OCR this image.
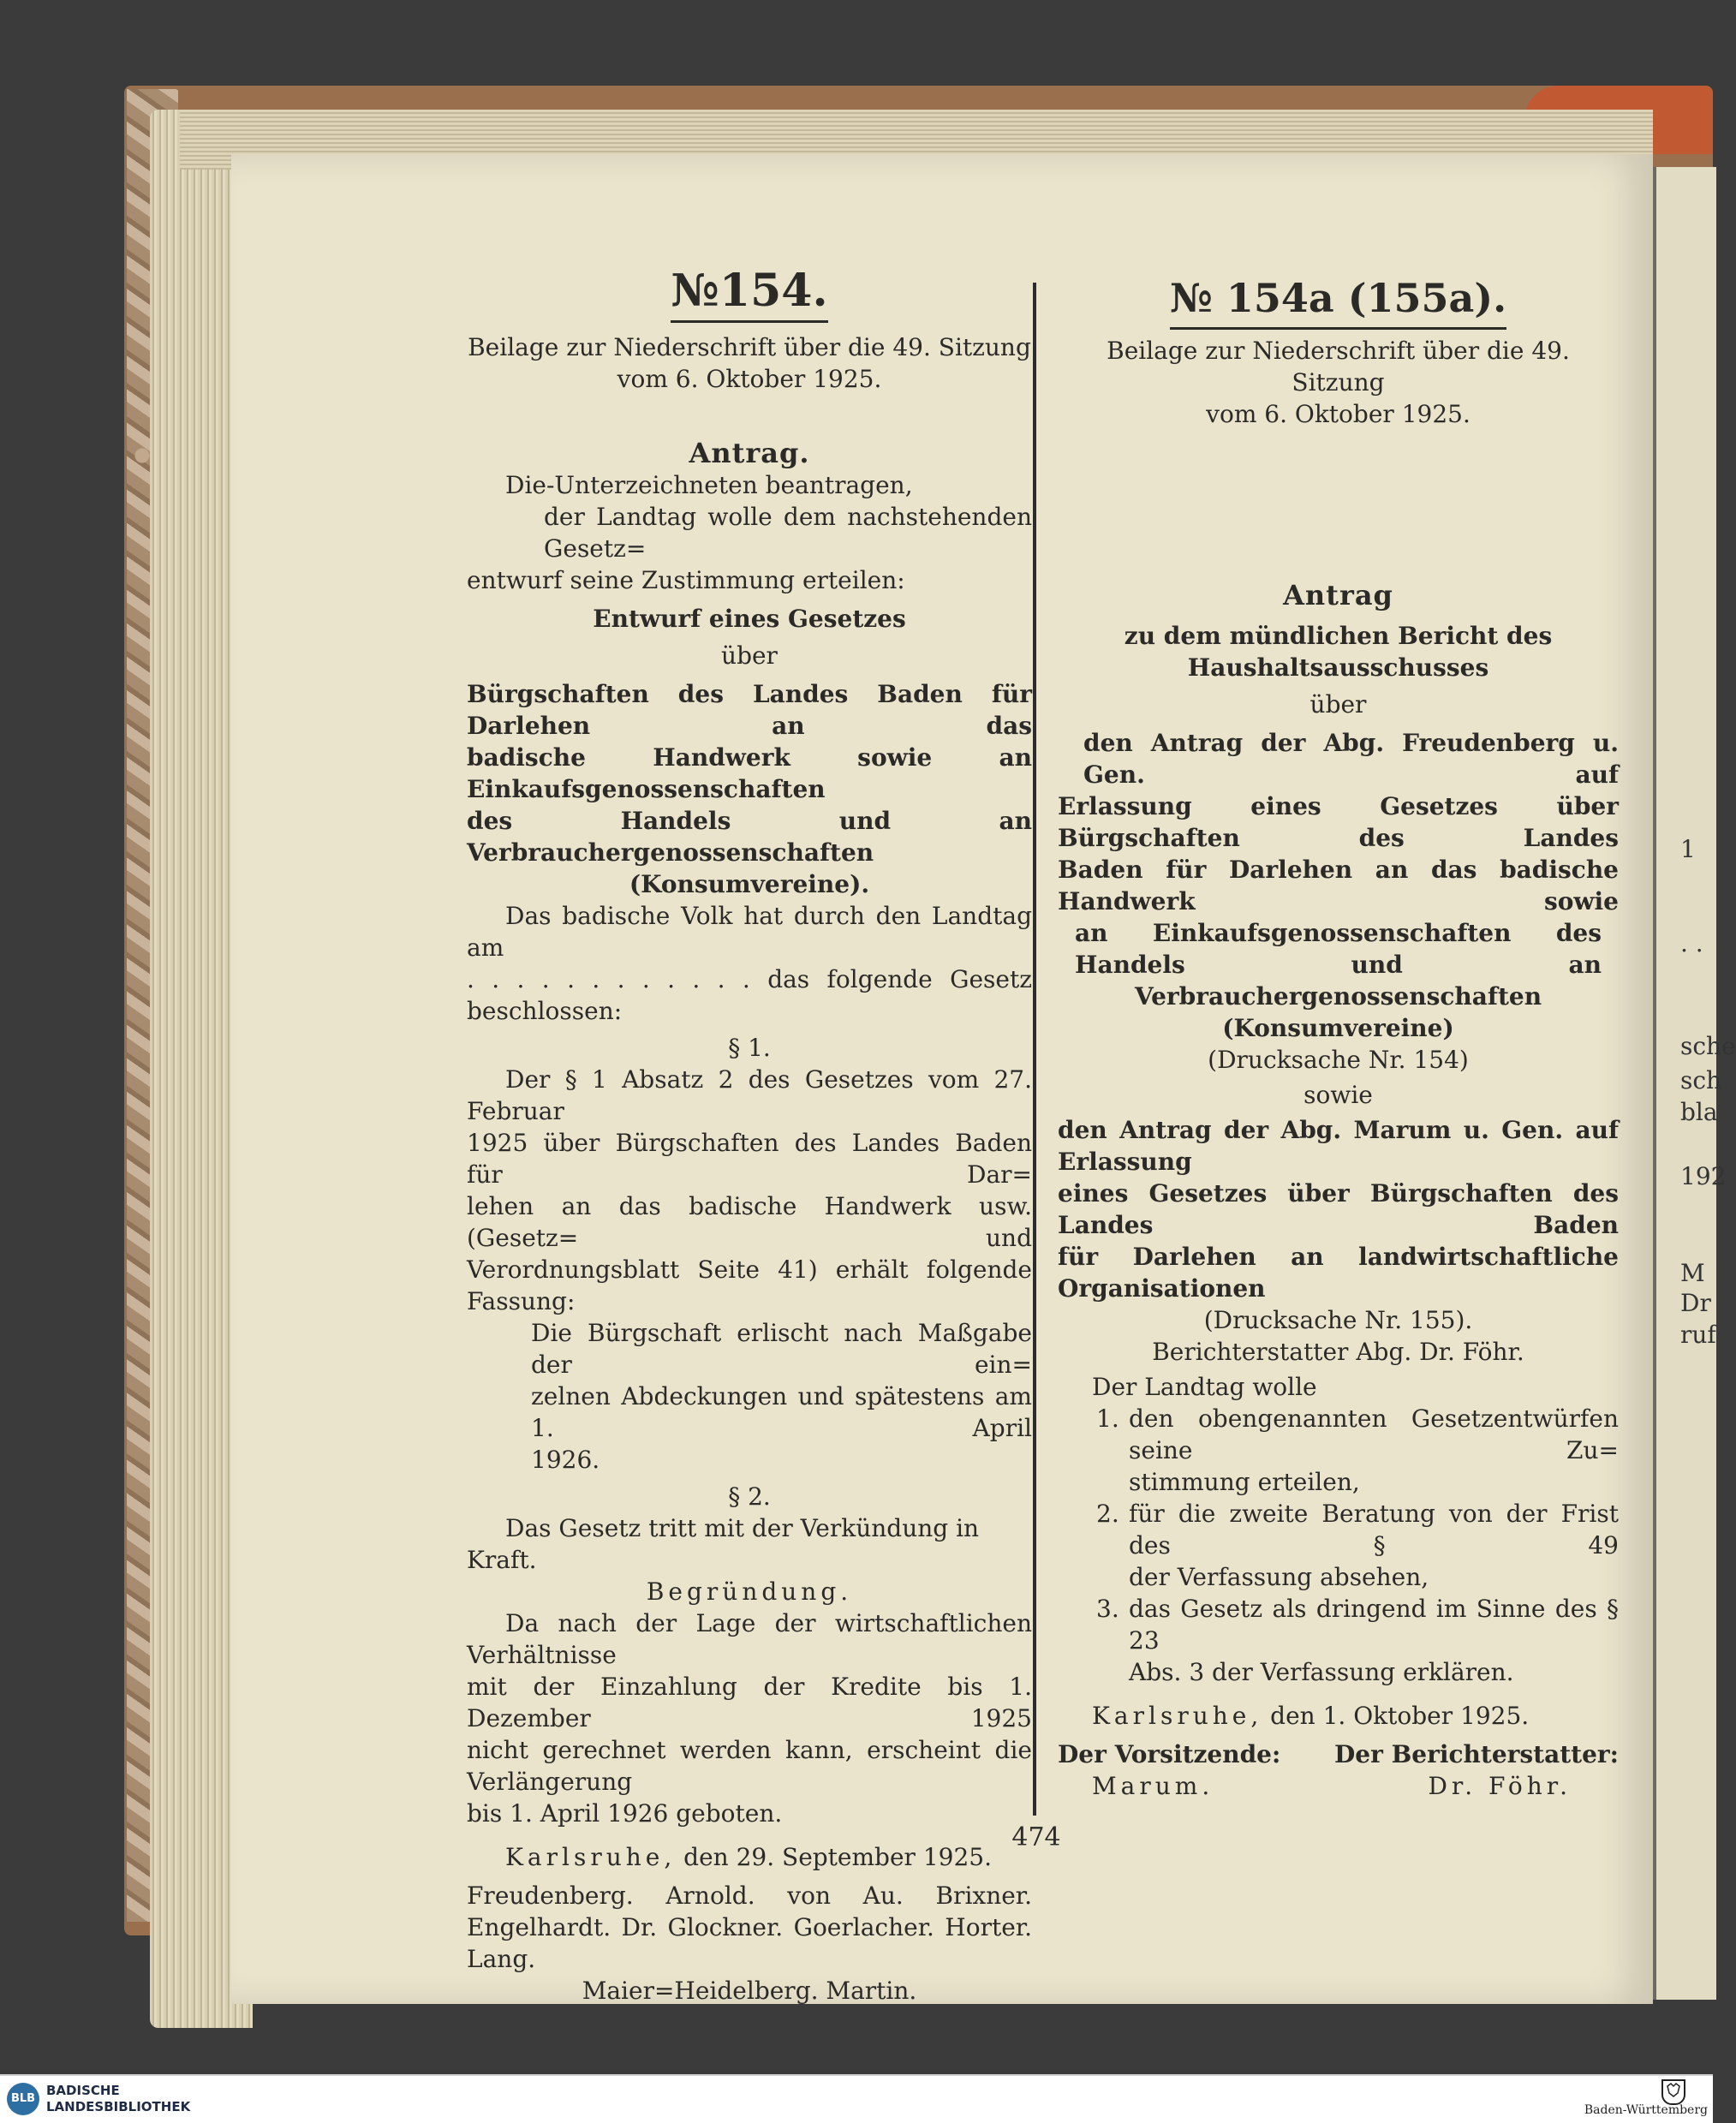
1
. .
sche
sch
bla
192
M
Dr
ruf
№154.
Beilage zur Niederschrift über die 49. Sitzung
vom 6. Oktober 1925.
Antrag.
Die-Unterzeichneten beantragen,
der Landtag wolle dem nachstehenden Gesetz=
entwurf seine Zustimmung erteilen:
Entwurf eines Gesetzes
über
Bürgschaften des Landes Baden für Darlehen an das
badische Handwerk sowie an Einkaufsgenossenschaften
des Handels und an Verbrauchergenossenschaften
(Konsumvereine).
Das badische Volk hat durch den Landtag am
. . . . . . . . . . . . das folgende Gesetz beschlossen:
§ 1.
Der § 1 Absatz 2 des Gesetzes vom 27. Februar
1925 über Bürgschaften des Landes Baden für Dar=
lehen an das badische Handwerk usw. (Gesetz= und
Verordnungsblatt Seite 41) erhält folgende Fassung:
Die Bürgschaft erlischt nach Maßgabe der ein=
zelnen Abdeckungen und spätestens am 1. April
1926.
§ 2.
Das Gesetz tritt mit der Verkündung in Kraft.
Begründung.
Da nach der Lage der wirtschaftlichen Verhältnisse
mit der Einzahlung der Kredite bis 1. Dezember 1925
nicht gerechnet werden kann, erscheint die Verlängerung
bis 1. April 1926 geboten.
Karlsruhe, den 29. September 1925.
Freudenberg. Arnold. von Au. Brixner.
Engelhardt. Dr. Glockner. Goerlacher. Horter. Lang.
Maier=Heidelberg. Martin.
№ 154a (155a).
Beilage zur Niederschrift über die 49. Sitzung
vom 6. Oktober 1925.
Antrag
zu dem mündlichen Bericht des Haushaltsausschusses
über
den Antrag der Abg. Freudenberg u. Gen. auf
Erlassung eines Gesetzes über Bürgschaften des Landes
Baden für Darlehen an das badische Handwerk sowie
an Einkaufsgenossenschaften des Handels und an
Verbrauchergenossenschaften (Konsumvereine)
(Drucksache Nr. 154)
sowie
den Antrag der Abg. Marum u. Gen. auf Erlassung
eines Gesetzes über Bürgschaften des Landes Baden
für Darlehen an landwirtschaftliche Organisationen
(Drucksache Nr. 155).
Berichterstatter Abg. Dr. Föhr.
Der Landtag wolle
1. den obengenannten Gesetzentwürfen seine Zu=
stimmung erteilen,
2. für die zweite Beratung von der Frist des § 49
der Verfassung absehen,
3. das Gesetz als dringend im Sinne des § 23
Abs. 3 der Verfassung erklären.
Karlsruhe, den 1. Oktober 1925.
Der Vorsitzende: Der Berichterstatter:
Marum.	Dr. Föhr.
474
BLB
BADISCHE
LANDESBIBLIOTHEK	Baden-Württemberg
